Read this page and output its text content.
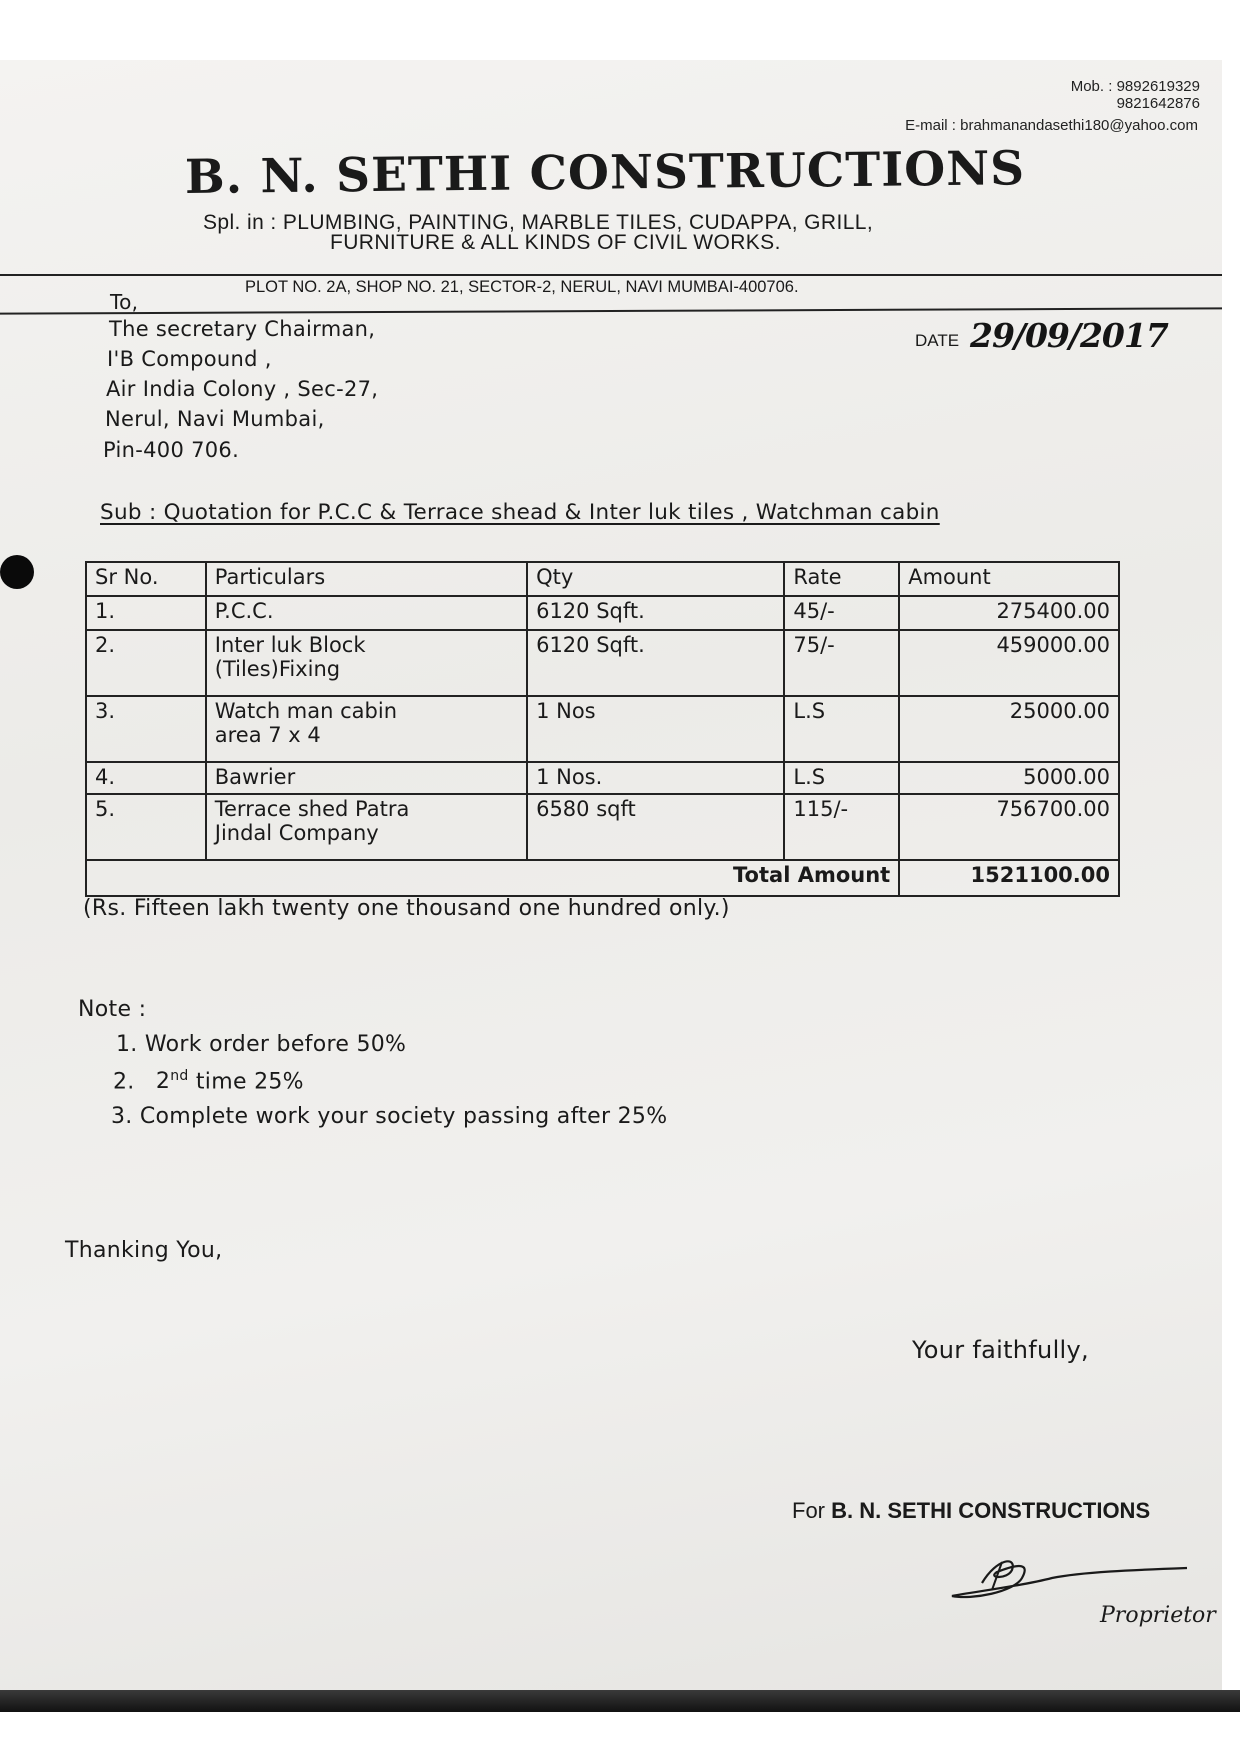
Mob. : 9892619329
9821642876
E-mail : brahmanandasethi180@yahoo.com
B. N. SETHI CONSTRUCTIONS
Spl. in : PLUMBING, PAINTING, MARBLE TILES, CUDAPPA, GRILL,
FURNITURE & ALL KINDS OF CIVIL WORKS.
PLOT NO. 2A, SHOP NO. 21, SECTOR-2, NERUL, NAVI MUMBAI-400706.
To,
The secretary Chairman,
I'B Compound ,
Air India Colony , Sec-27,
Nerul, Navi Mumbai,
Pin-400 706.
DATE 29/09/2017
Sub : Quotation for P.C.C & Terrace shead & Inter luk tiles , Watchman cabin
Sr No.	Particulars	Qty	Rate	Amount
1.	P.C.C.	6120 Sqft.	45/-	275400.00
2.	Inter luk Block
(Tiles)Fixing	6120 Sqft.	75/-	459000.00
3.	Watch man cabin
area 7 x 4	1 Nos	L.S	25000.00
4.	Bawrier	1 Nos.	L.S	5000.00
5.	Terrace shed Patra
Jindal Company	6580 sqft	115/-	756700.00
Total Amount				1521100.00
(Rs. Fifteen lakh twenty one thousand one hundred only.)
Note :
1. Work order before 50%
2. 2nd time 25%
3. Complete work your society passing after 25%
Thanking You,
Your faithfully,
For B. N. SETHI CONSTRUCTIONS
Proprietor
